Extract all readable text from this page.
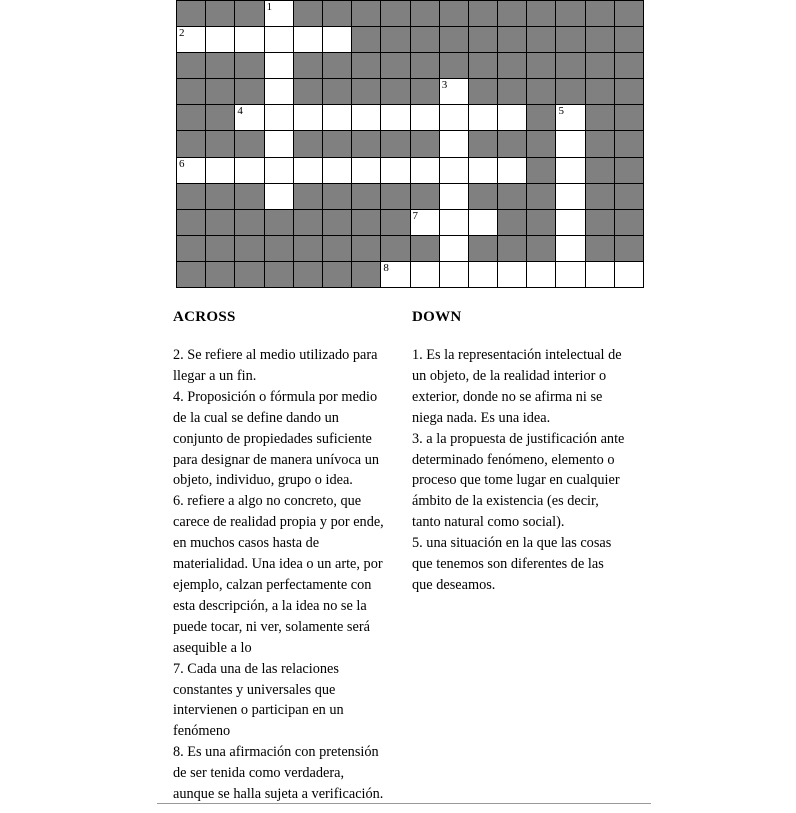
1
2
3
4	5
6
7
8
ACROSS	DOWN
2. Se refiere al medio utilizado para
llegar a un fin.
4. Proposición o fórmula por medio
de la cual se define dando un
conjunto de propiedades suficiente
para designar de manera unívoca un
objeto, individuo, grupo o idea.
6. refiere a algo no concreto, que
carece de realidad propia y por ende,
en muchos casos hasta de
materialidad. Una idea o un arte, por
ejemplo, calzan perfectamente con
esta descripción, a la idea no se la
puede tocar, ni ver, solamente será
asequible a lo
7. Cada una de las relaciones
constantes y universales que
intervienen o participan en un
fenómeno
8. Es una afirmación con pretensión
de ser tenida como verdadera,
aunque se halla sujeta a verificación.
1. Es la representación intelectual de
un objeto, de la realidad interior o
exterior, donde no se afirma ni se
niega nada. Es una idea.
3. a la propuesta de justificación ante
determinado fenómeno, elemento o
proceso que tome lugar en cualquier
ámbito de la existencia (es decir,
tanto natural como social).
5. una situación en la que las cosas
que tenemos son diferentes de las
que deseamos.
